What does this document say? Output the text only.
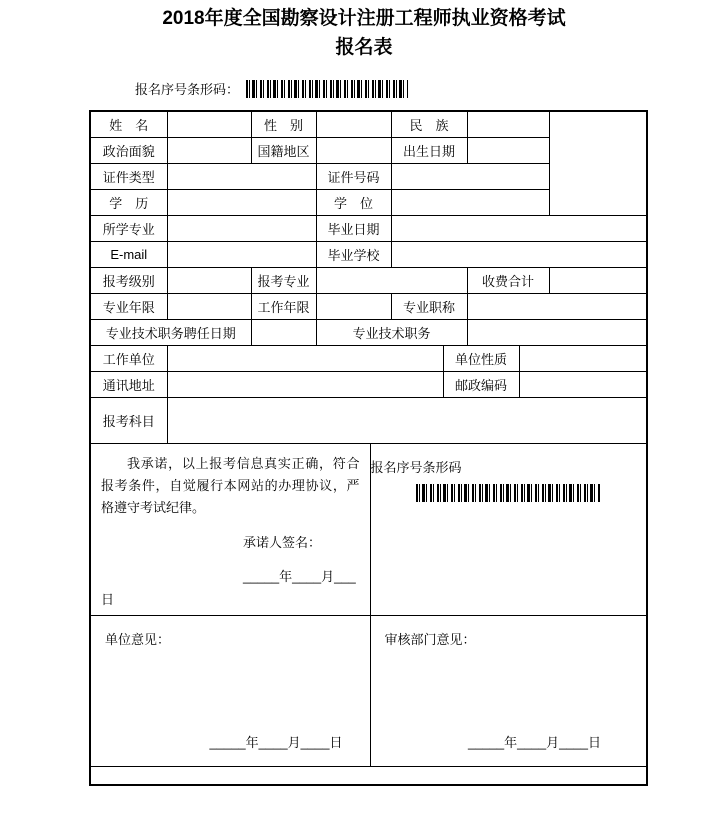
2018年度全国勘察设计注册工程师执业资格考试
报名表
报名序号条形码：
姓　名		性　别		民　族				
政治面貌		国籍地区		出生日期				
证件类型			证件号码					
学　历			学　位					
所学专业			毕业日期					
E-mail			毕业学校					
报考级别		报考专业				收费合计		
专业年限		工作年限		专业职称				
专业技术职务聘任日期			专业技术职务					
工作单位					单位性质			
通讯地址					邮政编码			
报考科目								
我承诺，以上报考信息真实正确，符合报考条件，自觉履行本网站的办理协议，严格遵守考试纪律。
承诺人签名：
_____年____月___
日	报名序号条形码

单位意见：
_____年____月____日	审核部门意见：
_____年____月____日
